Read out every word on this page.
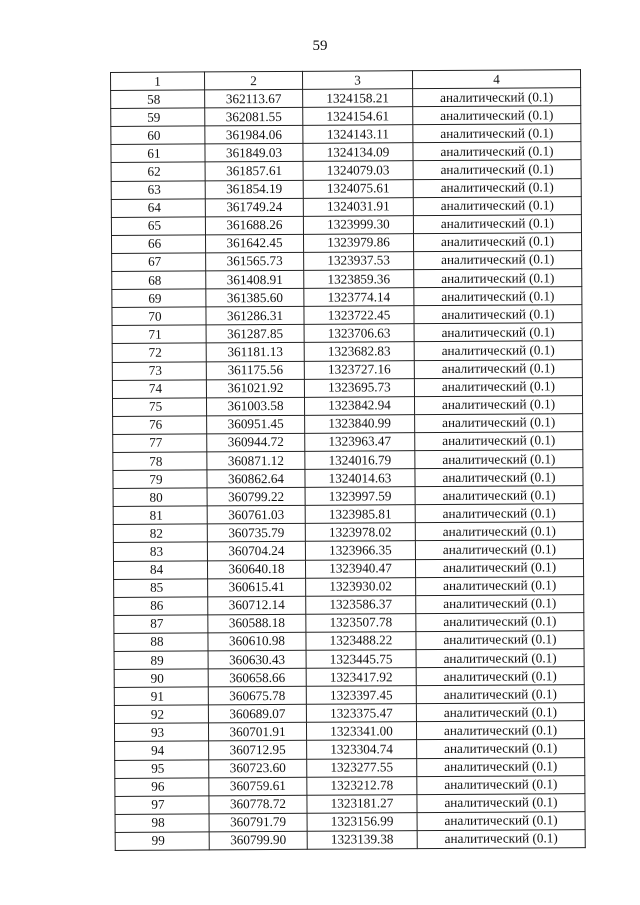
59
1	2	3	4
58	362113.67	1324158.21	аналитический (0.1)
59	362081.55	1324154.61	аналитический (0.1)
60	361984.06	1324143.11	аналитический (0.1)
61	361849.03	1324134.09	аналитический (0.1)
62	361857.61	1324079.03	аналитический (0.1)
63	361854.19	1324075.61	аналитический (0.1)
64	361749.24	1324031.91	аналитический (0.1)
65	361688.26	1323999.30	аналитический (0.1)
66	361642.45	1323979.86	аналитический (0.1)
67	361565.73	1323937.53	аналитический (0.1)
68	361408.91	1323859.36	аналитический (0.1)
69	361385.60	1323774.14	аналитический (0.1)
70	361286.31	1323722.45	аналитический (0.1)
71	361287.85	1323706.63	аналитический (0.1)
72	361181.13	1323682.83	аналитический (0.1)
73	361175.56	1323727.16	аналитический (0.1)
74	361021.92	1323695.73	аналитический (0.1)
75	361003.58	1323842.94	аналитический (0.1)
76	360951.45	1323840.99	аналитический (0.1)
77	360944.72	1323963.47	аналитический (0.1)
78	360871.12	1324016.79	аналитический (0.1)
79	360862.64	1324014.63	аналитический (0.1)
80	360799.22	1323997.59	аналитический (0.1)
81	360761.03	1323985.81	аналитический (0.1)
82	360735.79	1323978.02	аналитический (0.1)
83	360704.24	1323966.35	аналитический (0.1)
84	360640.18	1323940.47	аналитический (0.1)
85	360615.41	1323930.02	аналитический (0.1)
86	360712.14	1323586.37	аналитический (0.1)
87	360588.18	1323507.78	аналитический (0.1)
88	360610.98	1323488.22	аналитический (0.1)
89	360630.43	1323445.75	аналитический (0.1)
90	360658.66	1323417.92	аналитический (0.1)
91	360675.78	1323397.45	аналитический (0.1)
92	360689.07	1323375.47	аналитический (0.1)
93	360701.91	1323341.00	аналитический (0.1)
94	360712.95	1323304.74	аналитический (0.1)
95	360723.60	1323277.55	аналитический (0.1)
96	360759.61	1323212.78	аналитический (0.1)
97	360778.72	1323181.27	аналитический (0.1)
98	360791.79	1323156.99	аналитический (0.1)
99	360799.90	1323139.38	аналитический (0.1)
